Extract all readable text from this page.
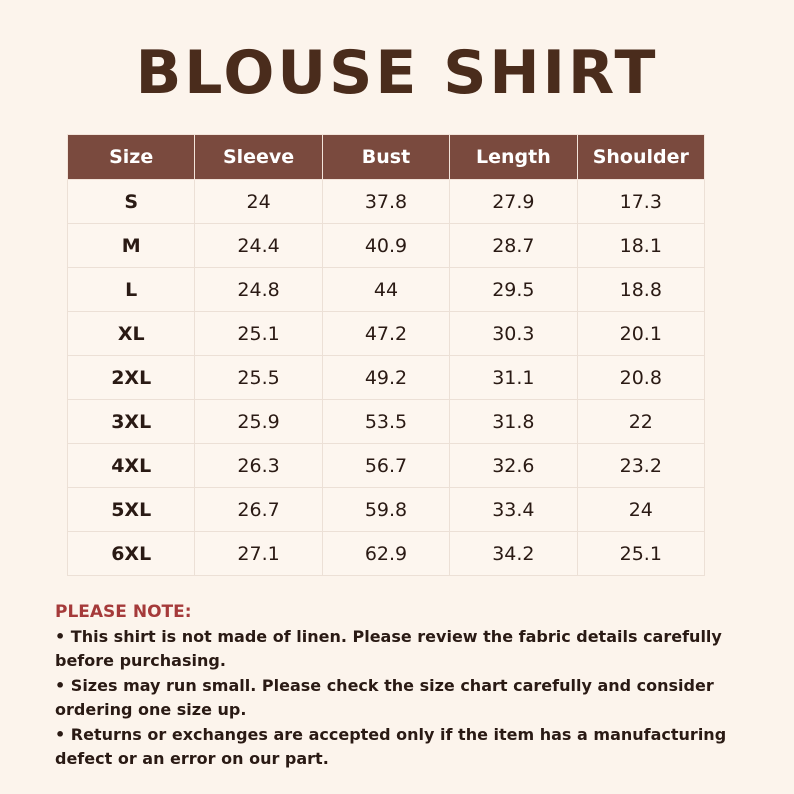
BLOUSE SHIRT
Size	Sleeve	Bust	Length	Shoulder
S	24	37.8	27.9	17.3
M	24.4	40.9	28.7	18.1
L	24.8	44	29.5	18.8
XL	25.1	47.2	30.3	20.1
2XL	25.5	49.2	31.1	20.8
3XL	25.9	53.5	31.8	22
4XL	26.3	56.7	32.6	23.2
5XL	26.7	59.8	33.4	24
6XL	27.1	62.9	34.2	25.1

PLEASE NOTE:

• This shirt is not made of linen. Please review the fabric details carefully before purchasing.

• Sizes may run small. Please check the size chart carefully and consider ordering one size up.

• Returns or exchanges are accepted only if the item has a manufacturing defect or an error on our part.
